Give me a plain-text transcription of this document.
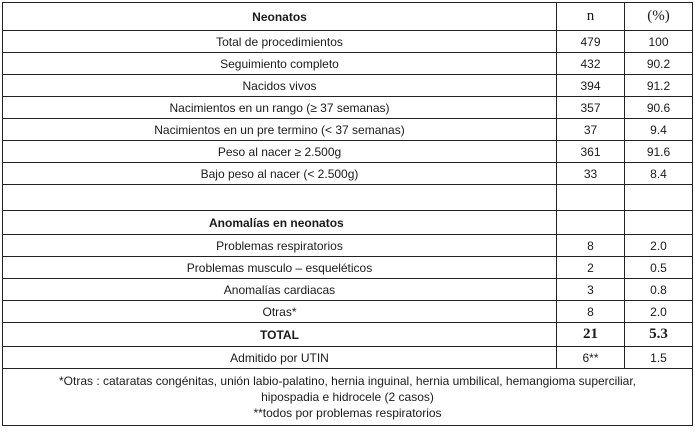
Neonatos	n	(%)
Total de procedimientos	479	100
Seguimiento completo	432	90.2
Nacidos vivos	394	91.2
Nacimientos en un rango (≥ 37 semanas)	357	90.6
Nacimientos en un pre termino (< 37 semanas)	37	9.4
Peso al nacer ≥ 2.500g	361	91.6
Bajo peso al nacer (< 2.500g)	33	8.4

Anomalías en neonatos		
Problemas respiratorios	8	2.0
Problemas musculo – esqueléticos	2	0.5
Anomalías cardiacas	3	0.8
Otras*	8	2.0
TOTAL	21	5.3
Admitido por UTIN	6**	1.5

*Otras : cataratas congénitas, unión labio-palatino, hernia inguinal, hernia umbilical, hemangioma superciliar,
hipospadia e hidrocele (2 casos)
**todos por problemas respiratorios		
